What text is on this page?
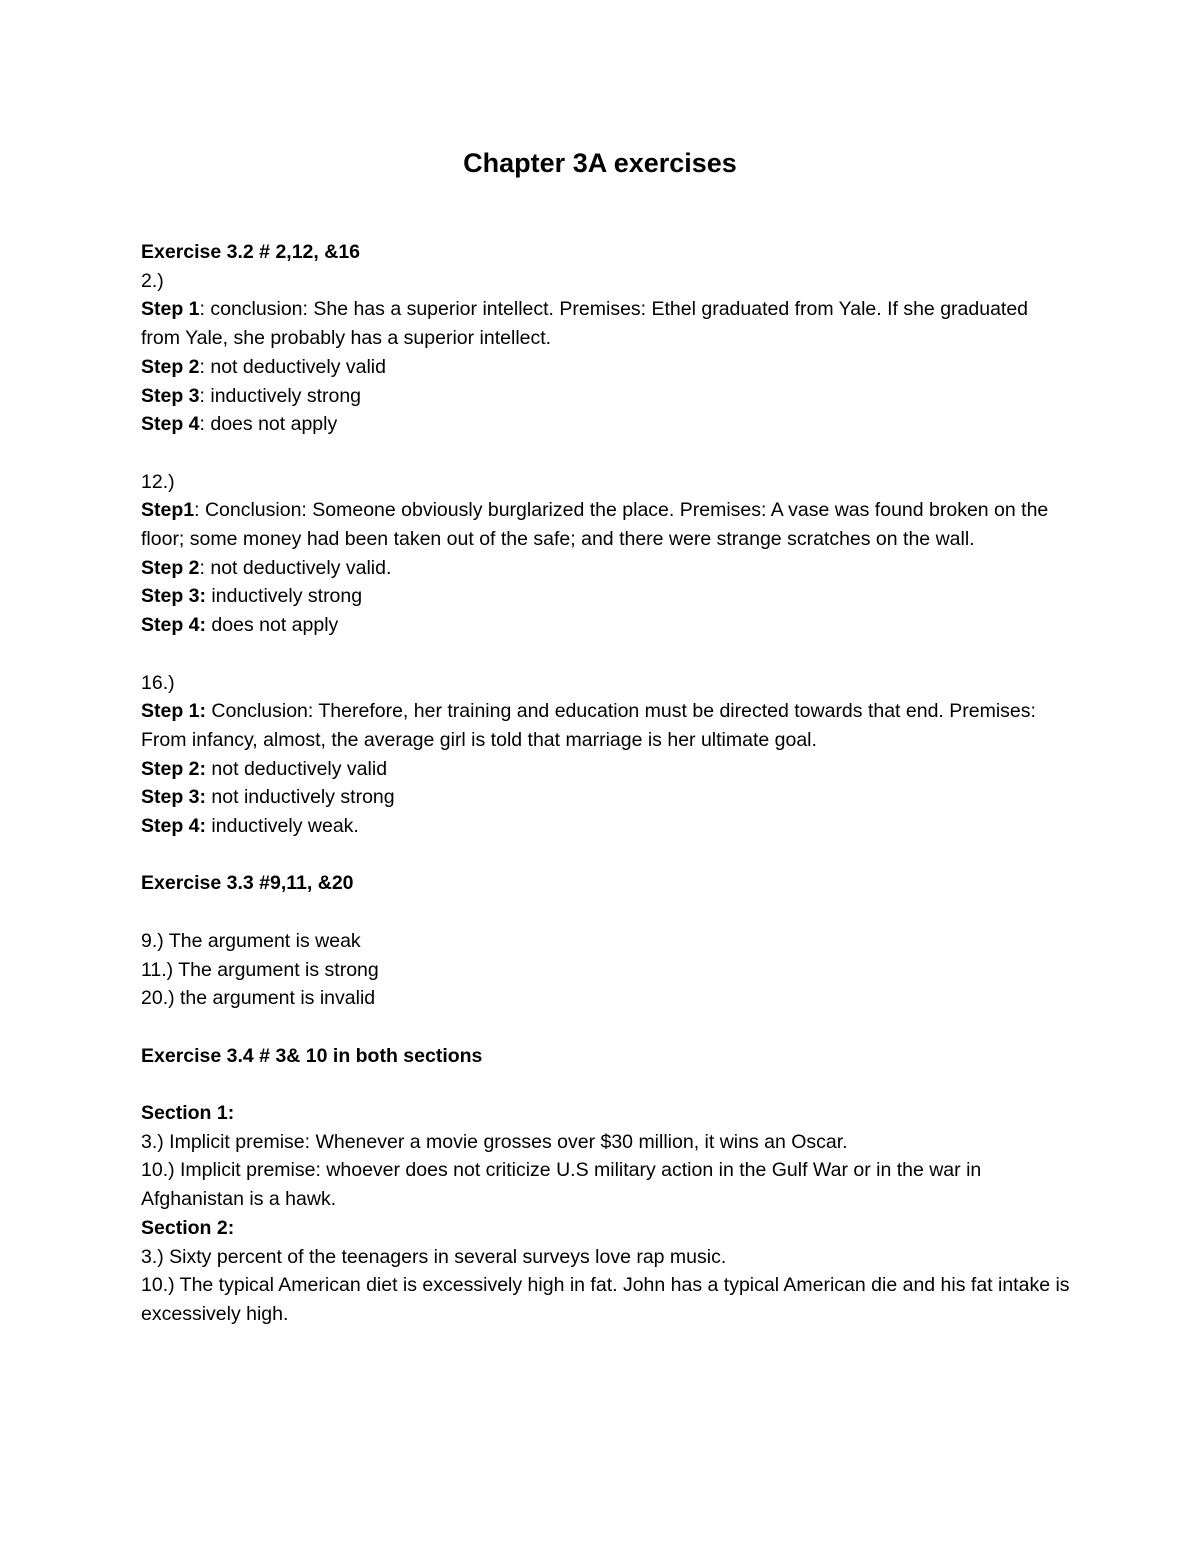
Chapter 3A exercises
Exercise 3.2 # 2,12, &16
2.)
Step 1: conclusion: She has a superior intellect. Premises: Ethel graduated from Yale. If she graduated from Yale, she probably has a superior intellect.
Step 2: not deductively valid
Step 3: inductively strong
Step 4: does not apply
12.)
Step1: Conclusion: Someone obviously burglarized the place. Premises: A vase was found broken on the floor; some money had been taken out of the safe; and there were strange scratches on the wall.
Step 2: not deductively valid.
Step 3: inductively strong
Step 4: does not apply
16.)
Step 1: Conclusion: Therefore, her training and education must be directed towards that end. Premises: From infancy, almost, the average girl is told that marriage is her ultimate goal.
Step 2: not deductively valid
Step 3: not inductively strong
Step 4: inductively weak.
Exercise 3.3 #9,11, &20
9.) The argument is weak
11.) The argument is strong
20.) the argument is invalid
Exercise 3.4 # 3& 10 in both sections
Section 1:
3.) Implicit premise: Whenever a movie grosses over $30 million, it wins an Oscar.
10.) Implicit premise: whoever does not criticize U.S military action in the Gulf War or in the war in Afghanistan is a hawk.
Section 2:
3.) Sixty percent of the teenagers in several surveys love rap music.
10.) The typical American diet is excessively high in fat. John has a typical American die and his fat intake is excessively high.
